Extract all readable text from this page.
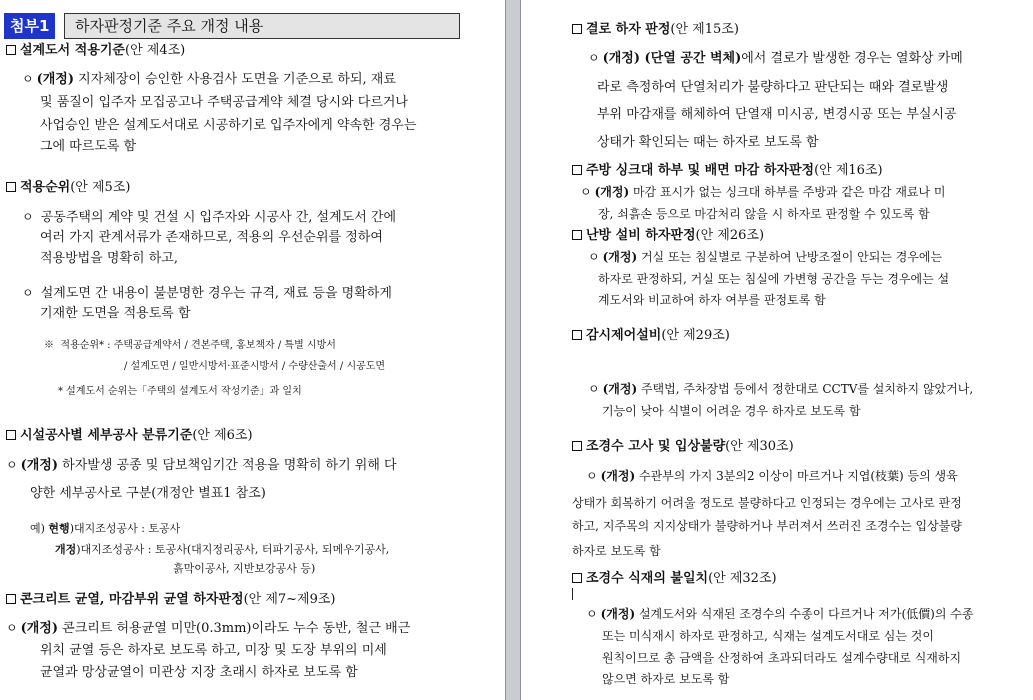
첨부1	하자판정기준 주요 개정 내용
설계도서 적용기준(안 제4조)
ㅇ (개정) 지자체장이 승인한 사용검사 도면을 기준으로 하되, 재료
및 품질이 입주자 모집공고나 주택공급계약 체결 당시와 다르거나
사업승인 받은 설계도서대로 시공하기로 입주자에게 약속한 경우는
그에 따르도록 함
적용순위(안 제5조)
ㅇ 공동주택의 계약 및 건설 시 입주자와 시공사 간, 설계도서 간에
여러 가지 관계서류가 존재하므로, 적용의 우선순위를 정하여
적용방법을 명확히 하고,
ㅇ 설계도면 간 내용이 불분명한 경우는 규격, 재료 등을 명확하게
기재한 도면을 적용토록 함
※ 적용순위* : 주택공급계약서 / 견본주택, 홍보책자 / 특별 시방서
/ 설계도면 / 일반시방서·표준시방서 / 수량산출서 / 시공도면
* 설계도서 순위는「주택의 설계도서 작성기준」과 일치
시설공사별 세부공사 분류기준(안 제6조)
ㅇ (개정) 하자발생 공종 및 담보책임기간 적용을 명확히 하기 위해 다
양한 세부공사로 구분(개정안 별표1 참조)
예) 현행)대지조성공사 : 토공사
개정)대지조성공사 : 토공사(대지정리공사, 터파기공사, 되메우기공사,
흙막이공사, 지반보강공사 등)
콘크리트 균열, 마감부위 균열 하자판정(안 제7~제9조)
ㅇ (개정) 콘크리트 허용균열 미만(0.3mm)이라도 누수 동반, 철근 배근
위치 균열 등은 하자로 보도록 하고, 미장 및 도장 부위의 미세
균열과 망상균열이 미관상 지장 초래시 하자로 보도록 함
결로 하자 판정(안 제15조)
ㅇ (개정) (단열 공간 벽체)에서 결로가 발생한 경우는 열화상 카메
라로 측정하여 단열처리가 불량하다고 판단되는 때와 결로발생
부위 마감재를 해체하여 단열재 미시공, 변경시공 또는 부실시공
상태가 확인되는 때는 하자로 보도록 함
주방 싱크대 하부 및 배면 마감 하자판정(안 제16조)
ㅇ (개정) 마감 표시가 없는 싱크대 하부를 주방과 같은 마감 재료나 미
장, 쇠흙손 등으로 마감처리 않을 시 하자로 판정할 수 있도록 함
난방 설비 하자판정(안 제26조)
ㅇ (개정) 거실 또는 침실별로 구분하여 난방조절이 안되는 경우에는
하자로 판정하되, 거실 또는 침실에 가변형 공간을 두는 경우에는 설
계도서와 비교하여 하자 여부를 판정토록 함
감시제어설비(안 제29조)
ㅇ (개정) 주택법, 주차장법 등에서 정한대로 CCTV를 설치하지 않았거나,
기능이 낮아 식별이 어려운 경우 하자로 보도록 함
조경수 고사 및 입상불량(안 제30조)
ㅇ (개정) 수관부의 가지 3분의2 이상이 마르거나 지엽(枝葉) 등의 생육
상태가 회복하기 어려울 정도로 불량하다고 인정되는 경우에는 고사로 판정
하고, 지주목의 지지상태가 불량하거나 부러져서 쓰러진 조경수는 입상불량
하자로 보도록 함
조경수 식재의 불일치(안 제32조)
ㅇ (개정) 설계도서와 식재된 조경수의 수종이 다르거나 저가(低價)의 수종
또는 미식재시 하자로 판정하고, 식재는 설계도서대로 심는 것이
원칙이므로 총 금액을 산정하여 초과되더라도 설계수량대로 식재하지
않으면 하자로 보도록 함
